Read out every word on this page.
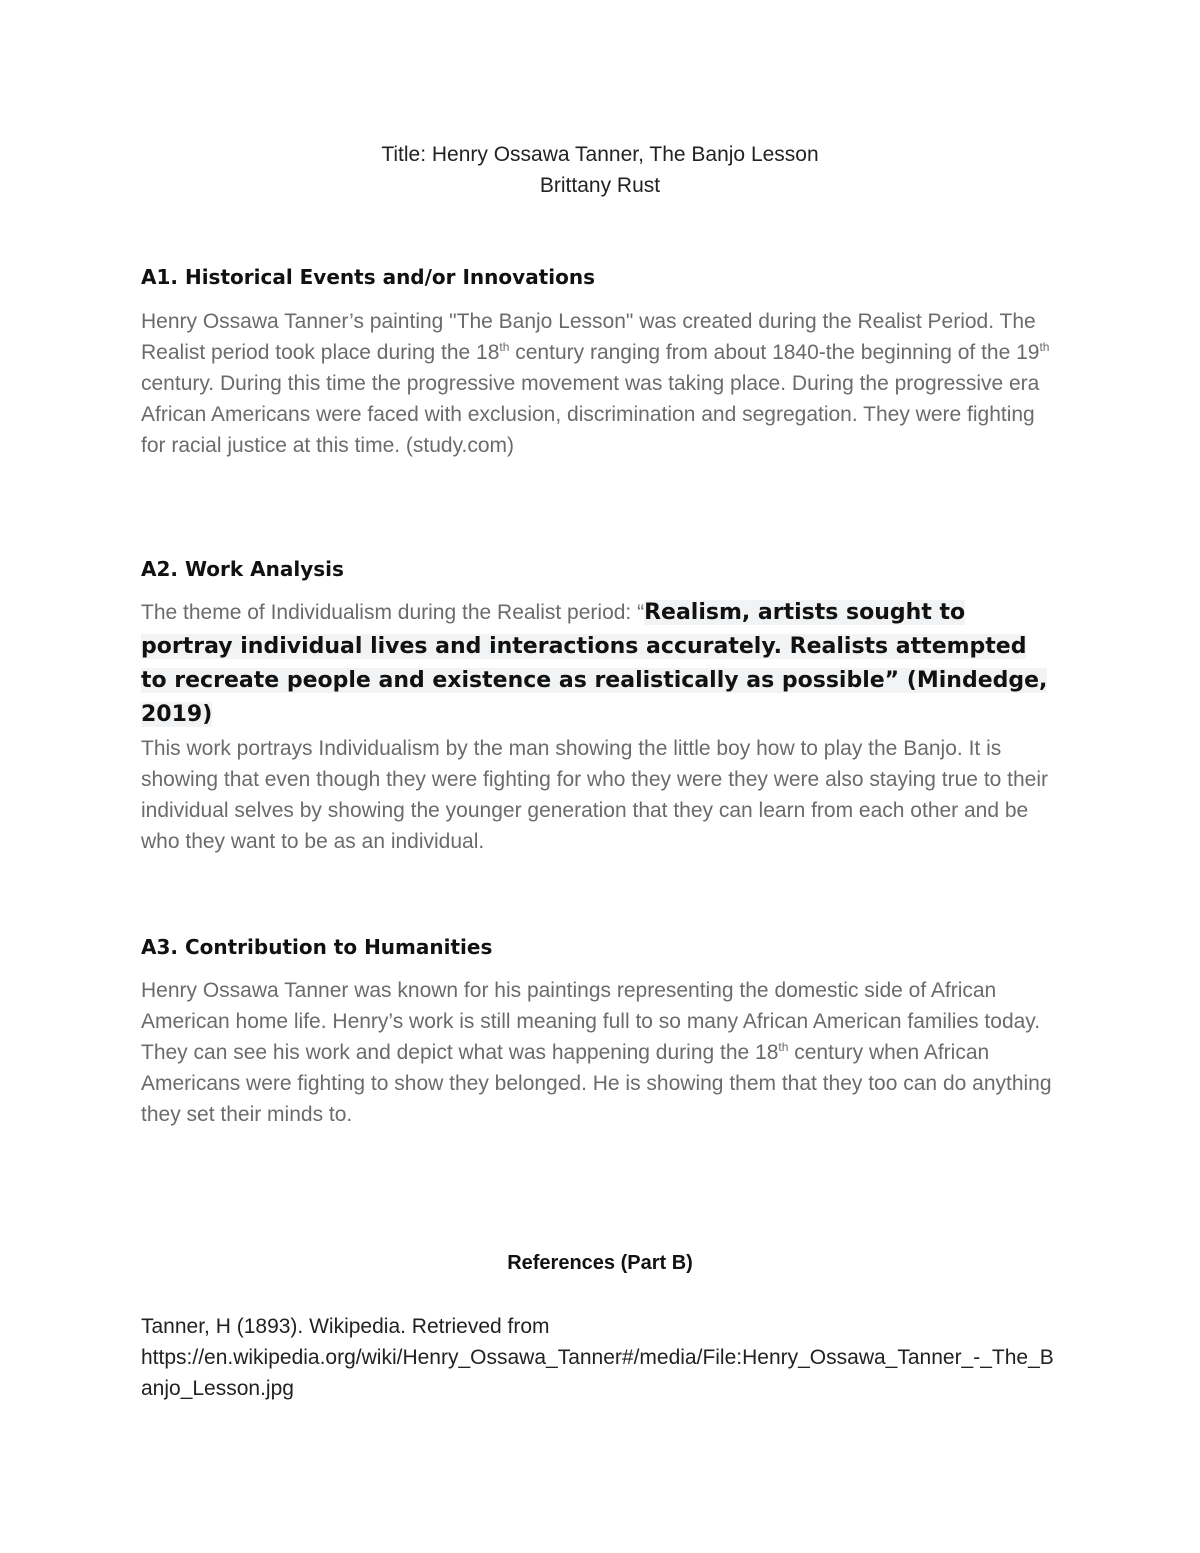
Title: Henry Ossawa Tanner, The Banjo Lesson
Brittany Rust
A1. Historical Events and/or Innovations
Henry Ossawa Tanner’s painting "The Banjo Lesson" was created during the Realist Period. The Realist period took place during the 18th century ranging from about 1840-the beginning of the 19th century. During this time the progressive movement was taking place. During the progressive era African Americans were faced with exclusion, discrimination and segregation. They were fighting for racial justice at this time. (study.com)
A2. Work Analysis
The theme of Individualism during the Realist period: “Realism, artists sought to portray individual lives and interactions accurately. Realists attempted to recreate people and existence as realistically as possible” (Mindedge, 2019)
This work portrays Individualism by the man showing the little boy how to play the Banjo. It is showing that even though they were fighting for who they were they were also staying true to their individual selves by showing the younger generation that they can learn from each other and be who they want to be as an individual.
A3. Contribution to Humanities
Henry Ossawa Tanner was known for his paintings representing the domestic side of African American home life. Henry’s work is still meaning full to so many African American families today. They can see his work and depict what was happening during the 18th century when African Americans were fighting to show they belonged. He is showing them that they too can do anything they set their minds to.
References (Part B)
Tanner, H (1893). Wikipedia. Retrieved from
https://en.wikipedia.org/wiki/Henry_Ossawa_Tanner#/media/File:Henry_Ossawa_Tanner_-_The_Banjo_Lesson.jpg
